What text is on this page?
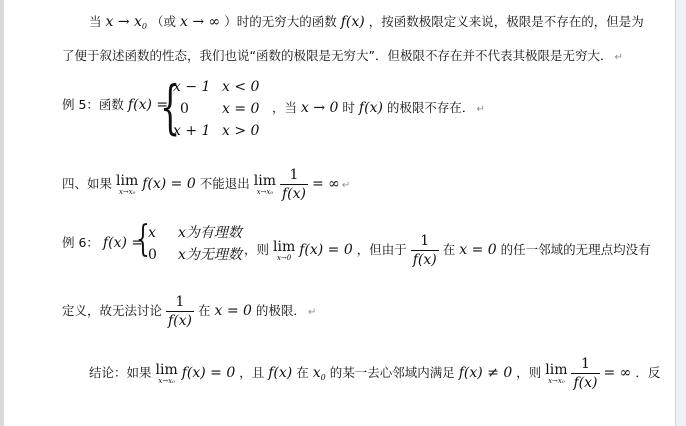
当 $x \to x_0$ （或 x → ∞ ）时的无穷大的函数 f(x) ，按函数极限定义来说，极限是不存在的，但是为
了便于叙述函数的性态，我们也说“函数的极限是无穷大”．但极限不存在并不代表其极限是无穷大． ↵
例 5：函数 f(x) =
{
x − 1 x < 0
0 x = 0
x + 1 x > 0
，当 x → 0 时 f(x) 的极限不存在． ↵
四、如果 lim
x→x₀ f(x) = 0 不能退出 lim
x→x₀
$\frac{1}{f(x)}$ = ∞ ↵
例 6： f(x) =
{
x x为有理数
0 x为无理数 ，则 lim
x→0 f(x) = 0 ，但由于 $\frac{1}{f(x)}$ 在 x = 0 的任一邻域的无理点均没有
定义，故无法讨论 $\frac{1}{f(x)}$ 在 x = 0 的极限． ↵
结论：如果 lim
x→x₀ f(x) = 0 ，且 f(x) 在 $x_0$ 的某一去心邻域内满足 f(x) ≠ 0 ，则 lim
x→x₀
$\frac{1}{f(x)}$ = ∞ ．反
